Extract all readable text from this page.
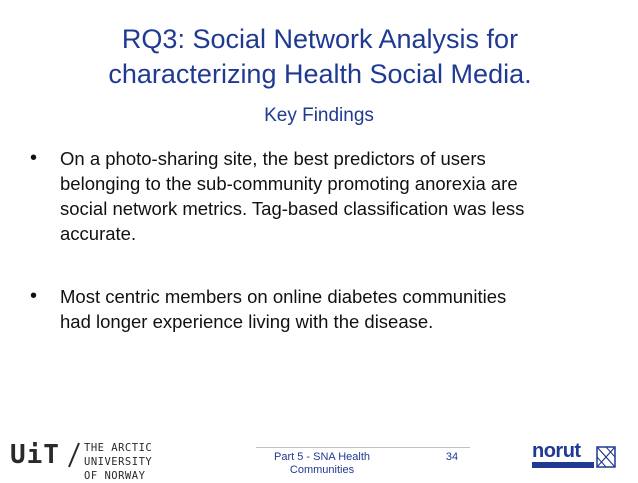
RQ3: Social Network Analysis for
characterizing Health Social Media.
Key Findings
• On a photo-sharing site, the best predictors of users
belonging to the sub-community promoting anorexia are
social network metrics. Tag-based classification was less
accurate.
• Most centric members on online diabetes communities
had longer experience living with the disease.
UiT THE ARCTIC UNIVERSITY
OF NORWAY
Part 5 - SNA Health
Communities
34	norut
